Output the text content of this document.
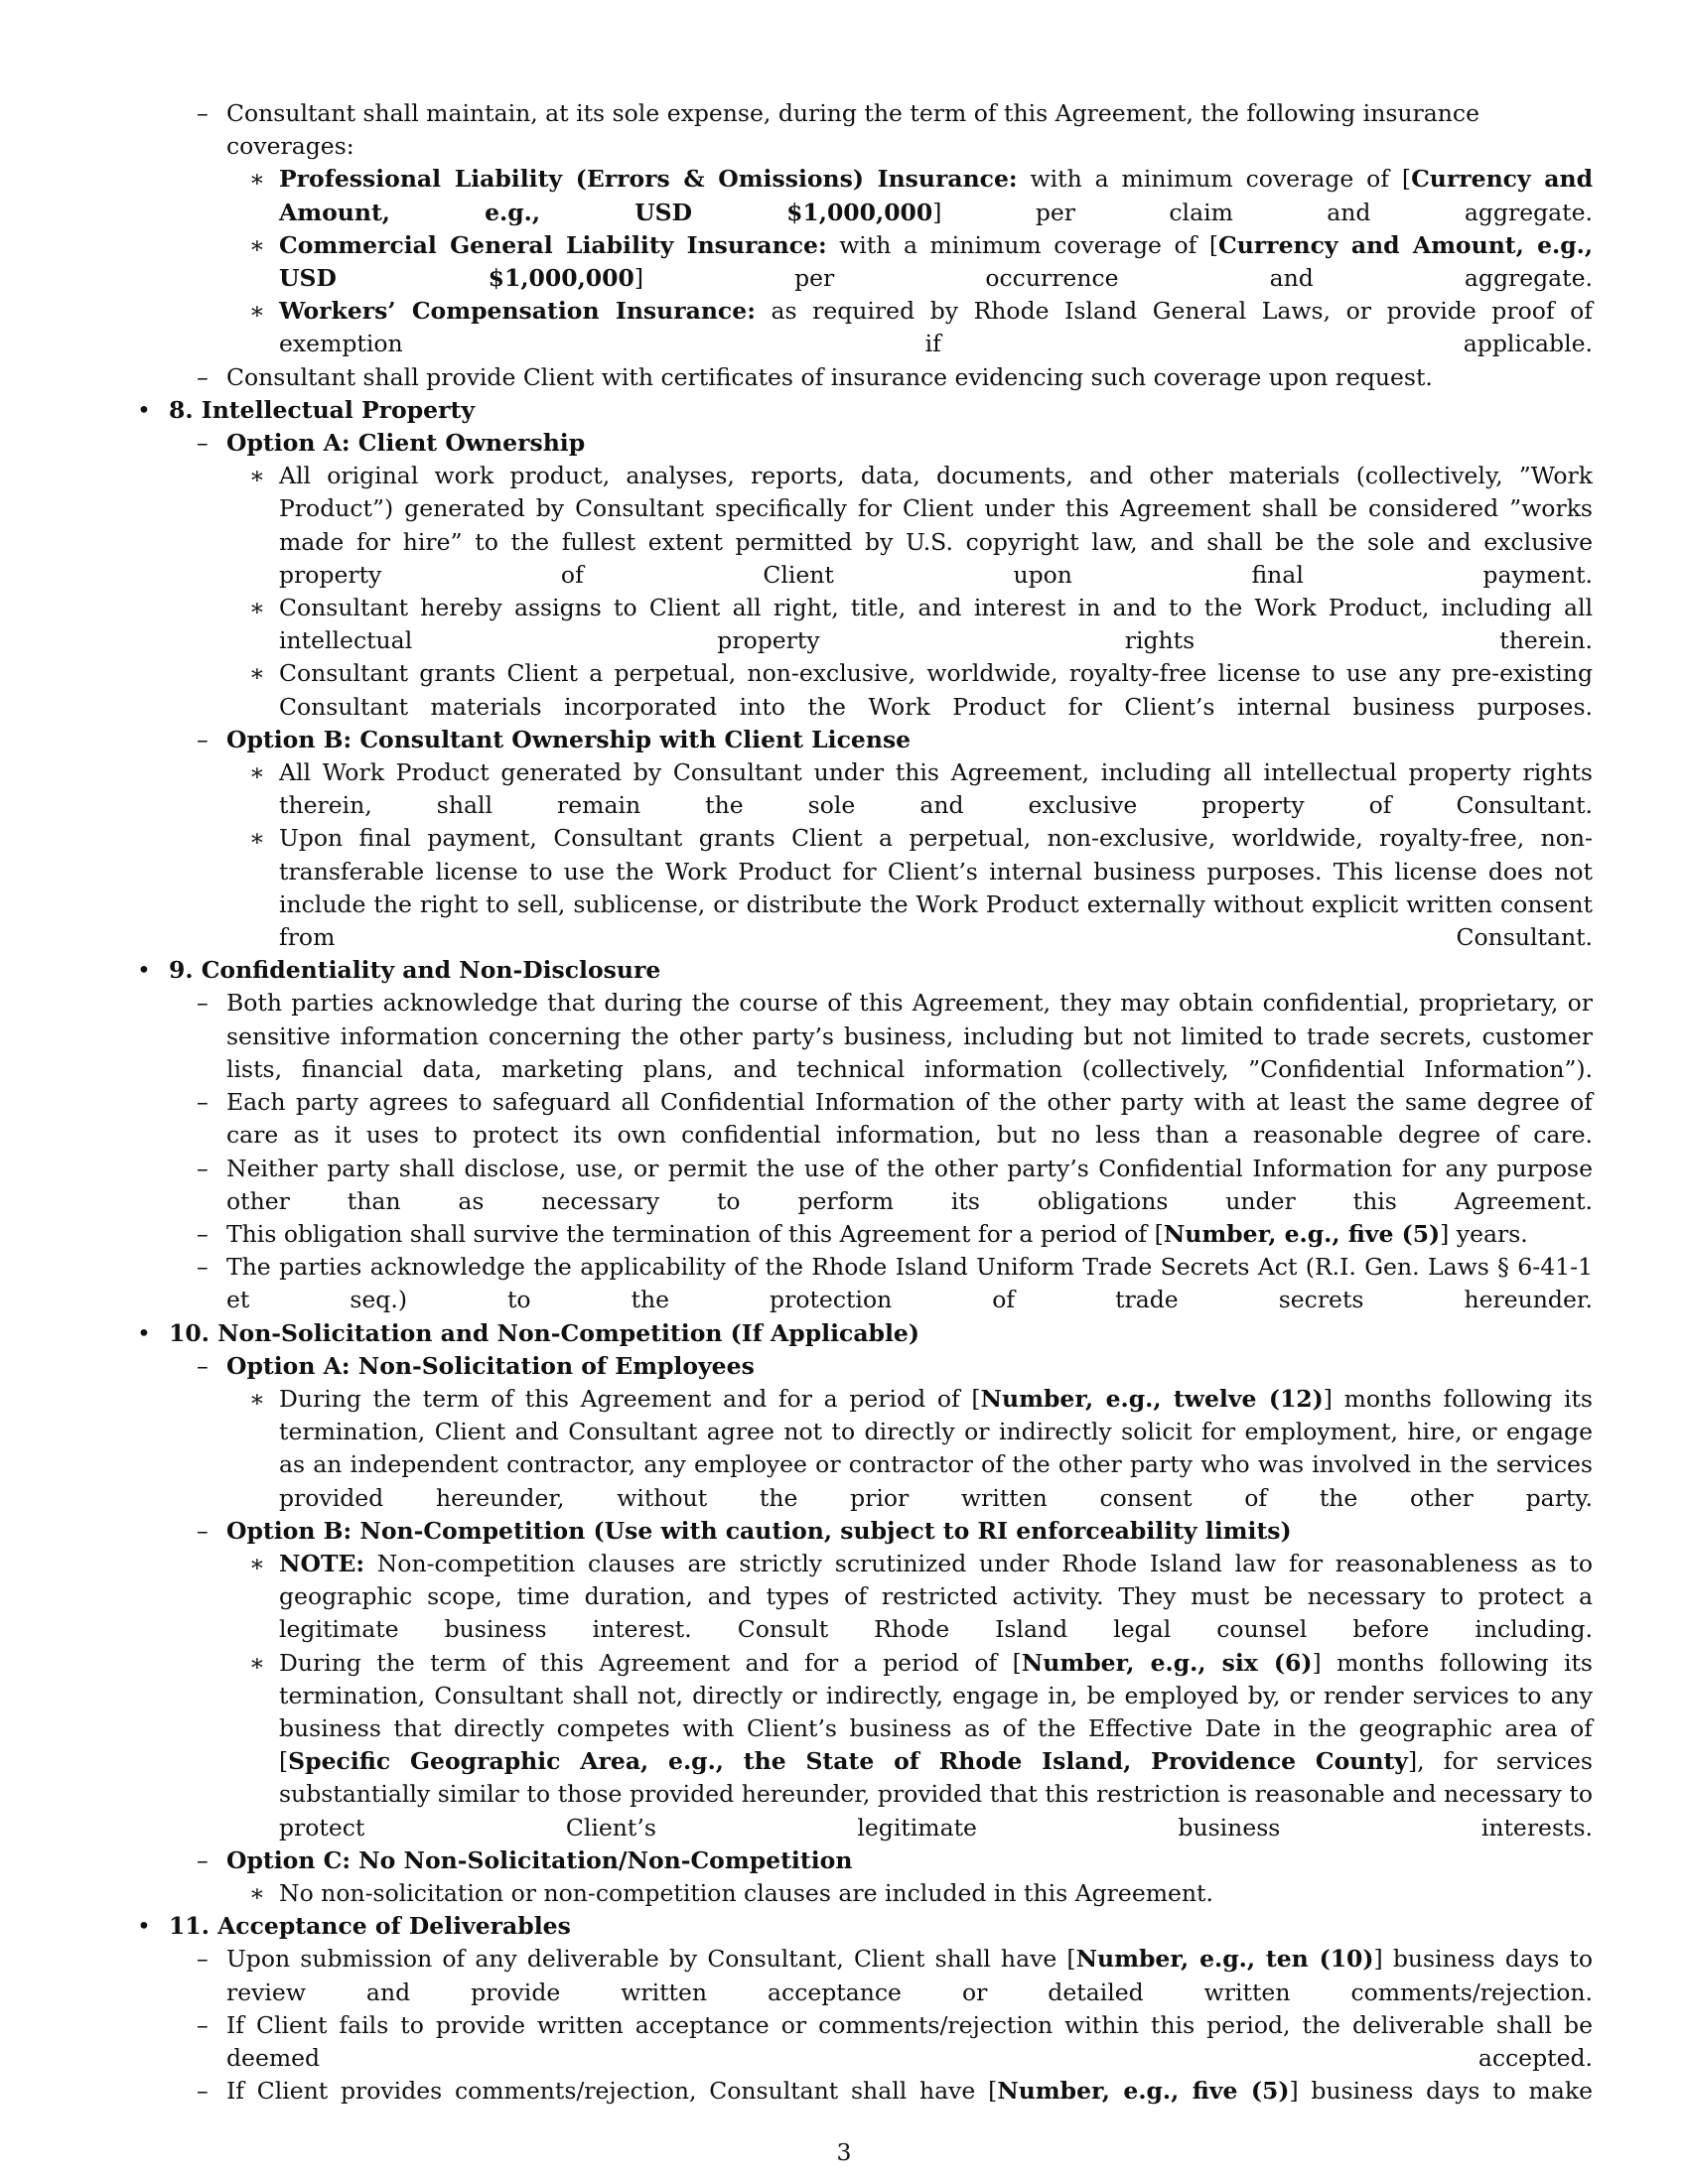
– Consultant shall maintain, at its sole expense, during the term of this Agreement, the following insurance coverages:
∗ Professional Liability (Errors & Omissions) Insurance: with a minimum coverage of [Currency and Amount, e.g., USD $1,000,000] per claim and aggregate.
∗ Commercial General Liability Insurance: with a minimum coverage of [Currency and Amount, e.g., USD $1,000,000] per occurrence and aggregate.
∗ Workers’ Compensation Insurance: as required by Rhode Island General Laws, or provide proof of exemption if applicable.
– Consultant shall provide Client with certificates of insurance evidencing such coverage upon request.
• 8. Intellectual Property
– Option A: Client Ownership
∗ All original work product, analyses, reports, data, documents, and other materials (collectively, ”Work Product”) generated by Consultant specifically for Client under this Agreement shall be considered ”works made for hire” to the fullest extent permitted by U.S. copyright law, and shall be the sole and exclusive property of Client upon final payment.
∗ Consultant hereby assigns to Client all right, title, and interest in and to the Work Product, including all intellectual property rights therein.
∗ Consultant grants Client a perpetual, non-exclusive, worldwide, royalty-free license to use any pre-existing Consultant materials incorporated into the Work Product for Client’s internal business purposes.
– Option B: Consultant Ownership with Client License
∗ All Work Product generated by Consultant under this Agreement, including all intellectual property rights therein, shall remain the sole and exclusive property of Consultant.
∗ Upon final payment, Consultant grants Client a perpetual, non-exclusive, worldwide, royalty-free, non-transferable license to use the Work Product for Client’s internal business purposes. This license does not include the right to sell, sublicense, or distribute the Work Product externally without explicit written consent from Consultant.
• 9. Confidentiality and Non-Disclosure
– Both parties acknowledge that during the course of this Agreement, they may obtain confidential, proprietary, or sensitive information concerning the other party’s business, including but not limited to trade secrets, customer lists, financial data, marketing plans, and technical information (collectively, ”Confidential Information”).
– Each party agrees to safeguard all Confidential Information of the other party with at least the same degree of care as it uses to protect its own confidential information, but no less than a reasonable degree of care.
– Neither party shall disclose, use, or permit the use of the other party’s Confidential Information for any purpose other than as necessary to perform its obligations under this Agreement.
– This obligation shall survive the termination of this Agreement for a period of [Number, e.g., five (5)] years.
– The parties acknowledge the applicability of the Rhode Island Uniform Trade Secrets Act (R.I. Gen. Laws § 6-41-1 et seq.) to the protection of trade secrets hereunder.
• 10. Non-Solicitation and Non-Competition (If Applicable)
– Option A: Non-Solicitation of Employees
∗ During the term of this Agreement and for a period of [Number, e.g., twelve (12)] months following its termination, Client and Consultant agree not to directly or indirectly solicit for employment, hire, or engage as an independent contractor, any employee or contractor of the other party who was involved in the services provided hereunder, without the prior written consent of the other party.
– Option B: Non-Competition (Use with caution, subject to RI enforceability limits)
∗ NOTE: Non-competition clauses are strictly scrutinized under Rhode Island law for reasonableness as to geographic scope, time duration, and types of restricted activity. They must be necessary to protect a legitimate business interest. Consult Rhode Island legal counsel before including.
∗ During the term of this Agreement and for a period of [Number, e.g., six (6)] months following its termination, Consultant shall not, directly or indirectly, engage in, be employed by, or render services to any business that directly competes with Client’s business as of the Effective Date in the geographic area of [Specific Geographic Area, e.g., the State of Rhode Island, Providence County], for services substantially similar to those provided hereunder, provided that this restriction is reasonable and necessary to protect Client’s legitimate business interests.
– Option C: No Non-Solicitation/Non-Competition
∗ No non-solicitation or non-competition clauses are included in this Agreement.
• 11. Acceptance of Deliverables
– Upon submission of any deliverable by Consultant, Client shall have [Number, e.g., ten (10)] business days to review and provide written acceptance or detailed written comments/rejection.
– If Client fails to provide written acceptance or comments/rejection within this period, the deliverable shall be deemed accepted.
– If Client provides comments/rejection, Consultant shall have [Number, e.g., five (5)] business days to make
3
